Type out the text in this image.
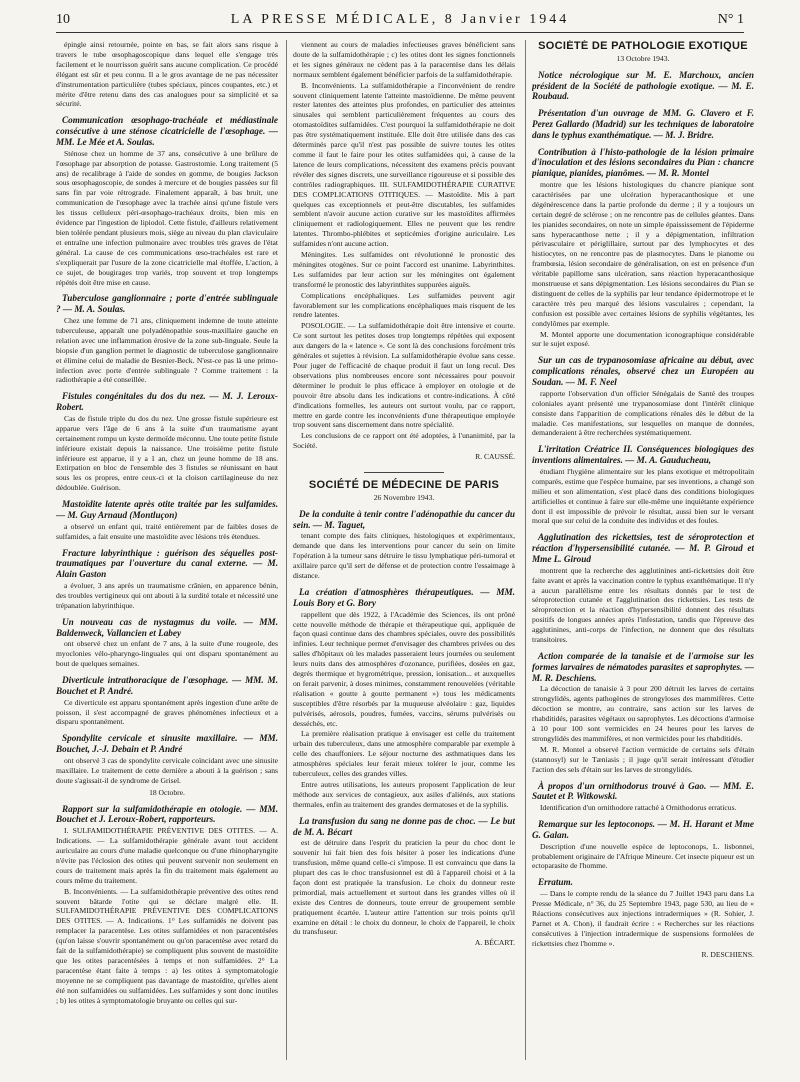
10	LA PRESSE MÉDICALE, 8 Janvier 1944	N° 1
épingle ainsi retournée, pointe en bas, se fait alors sans risque à travers le tube œsophagoscopique dans lequel elle s'engage très facilement et le nourrisson guérit sans aucune complication. Ce procédé élégant est sûr et peu connu. Il a le gros avantage de ne pas nécessiter d'instrumentation particulière (tubes spéciaux, pinces coupantes, etc.) et mérite d'être retenu dans des cas analogues pour sa simplicité et sa sécurité.
Communication œsophago-trachéale et médiastinale consécutive à une sténose cicatricielle de l'œsophage. — MM. Le Mée et A. Soulas.
Sténose chez un homme de 37 ans, consécutive à une brûlure de l'œsophage par absorption de potasse. Gastrostomie. Long traitement (5 ans) de recalibrage à l'aide de sondes en gomme, de bougies Jackson sous œsophagoscopie, de sondes à mercure et de bougies passées sur fil sans fin par voie rétrograde. Finalement apparaît, à bas bruit, une communication de l'œsophage avec la trachée ainsi qu'une fistule vers les tissus celluleux péri-œsophago-trachéaux droits, bien mis en évidence par l'ingestion de lipiodol. Cette fistule, d'ailleurs relativement bien tolérée pendant plusieurs mois, siège au niveau du plan claviculaire et entraîne une infection pulmonaire avec troubles très graves de l'état général. La cause de ces communications œso-trachéales est rare et s'expliquerait par l'usure de la zone cicatricielle mal étoffée, L'action, à ce sujet, de bougirages trop variés, trop souvent et trop longtemps répétés doit être mise en cause.
Tuberculose ganglionnaire ; porte d'entrée sublinguale ? — M. A. Soulas.
Chez une femme de 71 ans, cliniquement indemne de toute atteinte tuberculeuse, apparaît une polyadénopathie sous-maxillaire gauche en relation avec une inflammation érosive de la zone sub-linguale. Seule la biopsie d'un ganglion permet le diagnostic de tuberculose ganglionnaire et élimine celui de maladie de Besnier-Beck. N'est-ce pas là une primo-infection avec porte d'entrée sublinguale ? Comme traitement : la radiothérapie a été conseillée.
Fistules congénitales du dos du nez. — M. J. Leroux-Robert.
Cas de fistule triple du dos du nez. Une grosse fistule supérieure est apparue vers l'âge de 6 ans à la suite d'un traumatisme ayant certainement rompu un kyste dermoïde méconnu. Une toute petite fistule inférieure existait depuis la naissance. Une troisième petite fistule inférieure est apparue, il y a 1 an, chez un jeune homme de 18 ans. Extirpation en bloc de l'ensemble des 3 fistules se réunissant en haut sous les os propres, entre ceux-ci et la cloison cartilagineuse du nez dédoublée. Guérison.
Mastoïdite latente après otite traitée par les sulfamides. — M. Guy Arnaud (Montluçon)
a observé un enfant qui, traité entièrement par de faibles doses de sulfamides, a fait ensuite une mastoïdite avec lésions très étendues.
Fracture labyrinthique : guérison des séquelles post-traumatiques par l'ouverture du canal externe. — M. Alain Gaston
a évoluer, 3 ans après un traumatisme crânien, en apparence bénin, des troubles vertigineux qui ont abouti à la surdité totale et nécessité une trépanation labyrinthique.
Un nouveau cas de nystagmus du voile. — MM. Baldenweck, Vallancien et Labey
ont observé chez un enfant de 7 ans, à la suite d'une rougeole, des myoclonies vélo-pharyngo-linguales qui ont disparu spontanément au bout de quelques semaines.
Diverticule intrathoracique de l'œsophage. — MM. M. Bouchet et P. André.
Ce diverticule est apparu spontanément après ingestion d'une arête de poisson, il s'est accompagné de graves phénomènes infectieux et a disparu spontanément.
Spondylite cervicale et sinusite maxillaire. — MM. Bouchet, J.-J. Debain et P. André
ont observé 3 cas de spondylite cervicale coïncidant avec une sinusite maxillaire. Le traitement de cette dernière a abouti à la guérison ; sans doute s'agissait-il de syndrome de Grisel.
18 Octobre.
Rapport sur la sulfamidothérapie en otologie. — MM. Bouchet et J. Leroux-Robert, rapporteurs.
I. SULFAMIDOTHÉRAPIE PRÉVENTIVE DES OTITES. — A. Indications. — La sulfamidothérapie générale avant tout accident auriculaire au cours d'une maladie quelconque ou d'une rhinopharyngite n'évite pas l'éclosion des otites qui peuvent survenir non seulement en cours de traitement mais après la fin du traitement mais également au cours même du traitement.
B. Inconvénients. — La sulfamidothérapie préventive des otites rend souvent bâtarde l'otite qui se déclare malgré elle. II. SULFAMIDOTHÉRAPIE PRÉVENTIVE DES COMPLICATIONS DES OTITES. — A. Indications. 1° Les sulfamidés ne doivent pas remplacer la paracentèse. Les otites sulfamidées et non paracentésées (qu'on laisse s'ouvrir spontanément ou qu'on paracentèse avec retard du fait de la sulfamidothérapie) se compliquent plus souvent de mastoïdite que les otites paracentésées à temps et non sulfamidées. 2° La paracentèse étant faite à temps : a) les otites à symptomatologie moyenne ne se compliquent pas davantage de mastoïdite, qu'elles aient été non sulfamidées ou sulfamidées. Les sulfamides y sont donc inutiles ; b) les otites à symptomatologie bruyante ou celles qui sur-
viennent au cours de maladies infectieuses graves bénéficient sans doute de la sulfamidothérapie ; c) les otites dont les signes fonctionnels et les signes généraux ne cèdent pas à la paracentèse dans les délais normaux semblent également bénéficier parfois de la sulfamidothérapie.
B. Inconvénients. La sulfamidothérapie a l'inconvénient de rendre souvent cliniquement latente l'atteinte mastoïdienne. De même peuvent rester latentes des atteintes plus profondes, en particulier des atteintes sinusales qui semblent particulièrement fréquentes au cours des otomastoïdites sulfamidées. C'est pourquoi la sulfamidothérapie ne doit pas être systématiquement instituée. Elle doit être utilisée dans des cas déterminés parce qu'il n'est pas possible de suivre toutes les otites comme il faut le faire pour les otites sulfamidées qui, à cause de la latence de leurs complications, nécessitent des examens précis pouvant révéler des signes discrets, une surveillance rigoureuse et si possible des contrôles radiographiques. III. SULFAMIDOTHÉRAPIE CURATIVE DES COMPLICATIONS OTITIQUES. — Mastoïdite. Mis à part quelques cas exceptionnels et peut-être discutables, les sulfamides semblent n'avoir aucune action curative sur les mastoïdites affirmées cliniquement et radiologiquement. Elles ne peuvent que les rendre latentes. Thrombo-phlébites et septicémies d'origine auriculaire. Les sulfamides n'ont aucune action.
Méningites. Les sulfamides ont révolutionné le pronostic des méningites otogènes. Sur ce point l'accord est unanime. Labyrinthites. Les sulfamides par leur action sur les méningites ont également transformé le pronostic des labyrinthites suppurées aiguës.
Complications encéphaliques. Les sulfamides peuvent agir favorablement sur les complications encéphaliques mais risquent de les rendre latentes.
POSOLOGIE. — La sulfamidothérapie doit être intensive et courte. Ce sont surtout les petites doses trop longtemps répétées qui exposent aux dangers de la « latence ». Ce sont là des conclusions forcément très générales et sujettes à révision. La sulfamidothérapie évolue sans cesse. Pour juger de l'efficacité de chaque produit il faut un long recul. Des observations plus nombreuses encore sont nécessaires pour pouvoir déterminer le produit le plus efficace à employer en otologie et de pouvoir être absolu dans les indications et contre-indications. À côté d'indications formelles, les auteurs ont surtout voulu, par ce rapport, mettre en garde contre les inconvénients d'une thérapeutique employée trop souvent sans discernement dans notre spécialité.
Les conclusions de ce rapport ont été adoptées, à l'unanimité, par la Société.
R. CAUSSÉ.
SOCIÉTÉ DE MÉDECINE DE PARIS
26 Novembre 1943.
De la conduite à tenir contre l'adénopathie du cancer du sein. — M. Taguet,
tenant compte des faits cliniques, histologiques et expérimentaux, demande que dans les interventions pour cancer du sein on limite l'opération à la tumeur sans détruire le tissu lymphatique péri-tumoral et axillaire parce qu'il sert de défense et de protection contre l'essaimage à distance.
La création d'atmosphères thérapeutiques. — MM. Louis Bory et G. Bory
rappellent que dès 1922, à l'Académie des Sciences, ils ont prôné cette nouvelle méthode de thérapie et thérapeutique qui, appliquée de façon quasi continue dans des chambres spéciales, ouvre des possibilités infinies. Leur technique permet d'envisager des chambres privées ou des salles d'hôpitaux où les malades passeraient leurs journées ou seulement leurs nuits dans des atmosphères d'ozonance, purifiées, dosées en gaz, degrés thermique et hygrométrique, pression, ionisation... et auxquelles on ferait parvenir, à doses minimes, constamment renouvelées (véritable réalisation « goutte à goutte permanent ») tous les médicaments susceptibles d'être résorbés par la muqueuse alvéolaire : gaz, liquides pulvérisés, aérosols, poudres, fumées, vaccins, sérums pulvérisés ou desséchés, etc.
La première réalisation pratique à envisager est celle du traitement urbain des tuberculeux, dans une atmosphère comparable par exemple à celle des chauffoniers. Le séjour nocturne des asthmatiques dans les atmosphères spéciales leur ferait mieux tolérer le jour, comme les tuberculeux, celles des grandes villes.
Entre autres utilisations, les auteurs proposent l'application de leur méthode aux services de contagieux, aux asiles d'aliénés, aux stations thermales, enfin au traitement des grandes dermatoses et de la syphilis.
La transfusion du sang ne donne pas de choc. — Le but de M. A. Bécart
est de détruire dans l'esprit du praticien la peur du choc dont le souvenir lui fait bien des fois hésiter à poser les indications d'une transfusion, même quand celle-ci s'impose. Il est convaincu que dans la plupart des cas le choc transfusionnel est dû à l'appareil choisi et à la façon dont est pratiquée la transfusion. Le choix du donneur reste primordial, mais actuellement et surtout dans les grandes villes où il existe des Centres de donneurs, toute erreur de groupement semble pratiquement écartée. L'auteur attire l'attention sur trois points qu'il examine en détail : le choix du donneur, le choix de l'appareil, le choix du transfuseur.
A. BÉCART.
SOCIÉTÉ DE PATHOLOGIE EXOTIQUE
13 Octobre 1943.
Notice nécrologique sur M. E. Marchoux, ancien président de la Société de pathologie exotique. — M. E. Roubaud.
Présentation d'un ouvrage de MM. G. Clavero et F. Perez Gallardo (Madrid) sur les techniques de laboratoire dans le typhus exanthématique. — M. J. Bridre.
Contribution à l'histo-pathologie de la lésion primaire d'inoculation et des lésions secondaires du Pian : chancre pianique, pianides, pianômes. — M. R. Montel
montre que les lésions histologiques du chancre pianique sont caractérisées par une ulcération hyperacanthosique et une dégénérescence dans la partie profonde du derme ; il y a toujours un certain degré de sclérose ; on ne rencontre pas de cellules géantes. Dans les pianides secondaires, on note un simple épaississement de l'épiderme sans hyperacanthose nette ; il y a dépigmentation, infiltration périvasculaire et périglillaire, surtout par des lymphocytes et des histiocytes, on ne rencontre pas de plasmocytes. Dans le pianome ou frambœsia, lésion secondaire de généralisation, on est en présence d'un véritable papillome sans ulcération, sans réaction hyperacanthosique monstrueuse et sans dépigmentation. Les lésions secondaires du Pian se distinguent de celles de la syphilis par leur tendance épidermotrope et le caractère très peu marqué des lésions vasculaires ; cependant, la confusion est possible avec certaines lésions de syphilis végétantes, les condylômes par exemple.
M. Montel apporte une documentation iconographique considérable sur le sujet exposé.
Sur un cas de trypanosomiase africaine au début, avec complications rénales, observé chez un Européen au Soudan. — M. F. Neel
rapporte l'observation d'un officier Sénégalais de Santé des troupes coloniales ayant présenté une trypanosomiase dont l'intérêt clinique consiste dans l'apparition de complications rénales dès le début de la maladie. Ces manifestations, sur lesquelles on manque de données, demanderaient à être recherchées systématiquement.
L'irritation Créatrice II. Conséquences biologiques des inventions alimentaires. — M. A. Gauducheau,
étudiant l'hygiène alimentaire sur les plans exotique et métropolitain comparés, estime que l'espèce humaine, par ses inventions, a changé son milieu et son alimentation, s'est placé dans des conditions biologiques artificielles et continue à faire sur elle-même une inquiétante expérience dont il est impossible de prévoir le résultat, aussi bien sur le versant moral que sur celui de la conduite des individus et des foules.
Agglutination des rickettsies, test de séroprotection et réaction d'hypersensibilité cutanée. — M. P. Giroud et Mme L. Giroud
montrent que la recherche des agglutinines anti-rickettsies doit être faite avant et après la vaccination contre le typhus exanthématique. Il n'y a aucun parallélisme entre les résultats donnés par le test de séroprotection cutanée et l'agglutination des rickettsies. Les tests de séroprotection et la réaction d'hypersensibilité donnent des résultats positifs de longues années après l'infestation, tandis que l'épreuve des agglutinines, anti-corps de l'infection, ne donnent que des résultats transitoires.
Action comparée de la tanaisie et de l'armoise sur les formes larvaires de nématodes parasites et saprophytes. — M. R. Deschiens.
La décoction de tanaisie à 3 pour 200 détruit les larves de certains strongylidés, agents pathogènes de strongyloses des mammifères. Cette décoction se montre, au contraire, sans action sur les larves de rhabditidés, parasites végétaux ou saprophytes. Les décoctions d'armoise à 10 pour 100 sont vermicides en 24 heures pour les larves de strongylidés des mammifères, et non vermicides pour les rhabditidés.
M. R. Montel a observé l'action vermicide de certains sels d'étain (stannosyl) sur le Tæniasis ; il juge qu'il serait intéressant d'étudier l'action des sels d'étain sur les larves de strongylidés.
À propos d'un ornithodorus trouvé à Gao. — MM. E. Sautet et P. Witkowski.
Identification d'un ornithodore rattaché à Ornithodorus erraticus.
Remarque sur les leptoconops. — M. H. Harant et Mme G. Galan.
Description d'une nouvelle espèce de leptoconops, L. lisbonnei, probablement originaire de l'Afrique Mineure. Cet insecte piqueur est un ectoparasite de l'homme.
Erratum.
— Dans le compte rendu de la séance du 7 Juillet 1943 paru dans La Presse Médicale, n° 36, du 25 Septembre 1943, page 530, au lieu de « Réactions consécutives aux injections intradermiques » (R. Sohier, J. Parnet et A. Chon), il faudrait écrire : « Recherches sur les réactions consécutives à l'injection intradermique de suspensions formolées de rickettsies chez l'homme ».
R. DESCHIENS.
